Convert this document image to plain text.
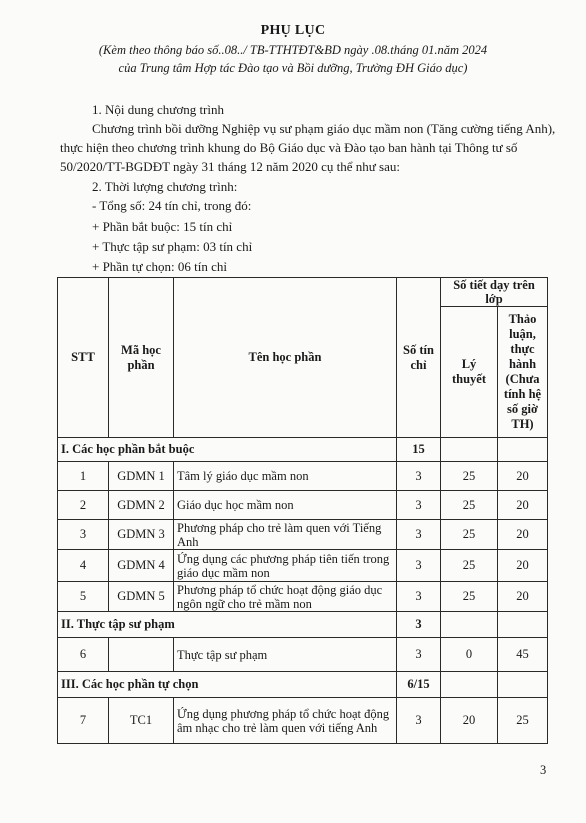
PHỤ LỤC
(Kèm theo thông báo số..08../ TB-TTHTĐT&BD ngày .08.tháng 01.năm 2024
của Trung tâm Hợp tác Đào tạo và Bồi dưỡng, Trường ĐH Giáo dục)
1. Nội dung chương trình
Chương trình bồi dưỡng Nghiệp vụ sư phạm giáo dục mầm non (Tăng cường tiếng Anh),
thực hiện theo chương trình khung do Bộ Giáo dục và Đào tạo ban hành tại Thông tư số
50/2020/TT-BGDĐT ngày 31 tháng 12 năm 2020 cụ thể như sau:
2. Thời lượng chương trình:
- Tổng số: 24 tín chỉ, trong đó:
+ Phần bắt buộc: 15 tín chỉ
+ Thực tập sư phạm: 03 tín chỉ
+ Phần tự chọn: 06 tín chỉ
STT	Mã học phần	Tên học phần	Số tín chỉ	Số tiết dạy trên lớp	
				Lý thuyết	Thảo luận, thực hành (Chưa tính hệ số giờ TH)
I. Các học phần bắt buộc			15		
1	GDMN 1	Tâm lý giáo dục mầm non	3	25	20
2	GDMN 2	Giáo dục học mầm non	3	25	20
3	GDMN 3	Phương pháp cho trẻ làm quen với Tiếng Anh	3	25	20
4	GDMN 4	Ứng dụng các phương pháp tiên tiến trong giáo dục mầm non	3	25	20
5	GDMN 5	Phương pháp tổ chức hoạt động giáo dục ngôn ngữ cho trẻ mầm non	3	25	20
II. Thực tập sư phạm			3		
6		Thực tập sư phạm	3	0	45
III. Các học phần tự chọn			6/15		
7	TC1	Ứng dụng phương pháp tổ chức hoạt động âm nhạc cho trẻ làm quen với tiếng Anh	3	20	25
3
